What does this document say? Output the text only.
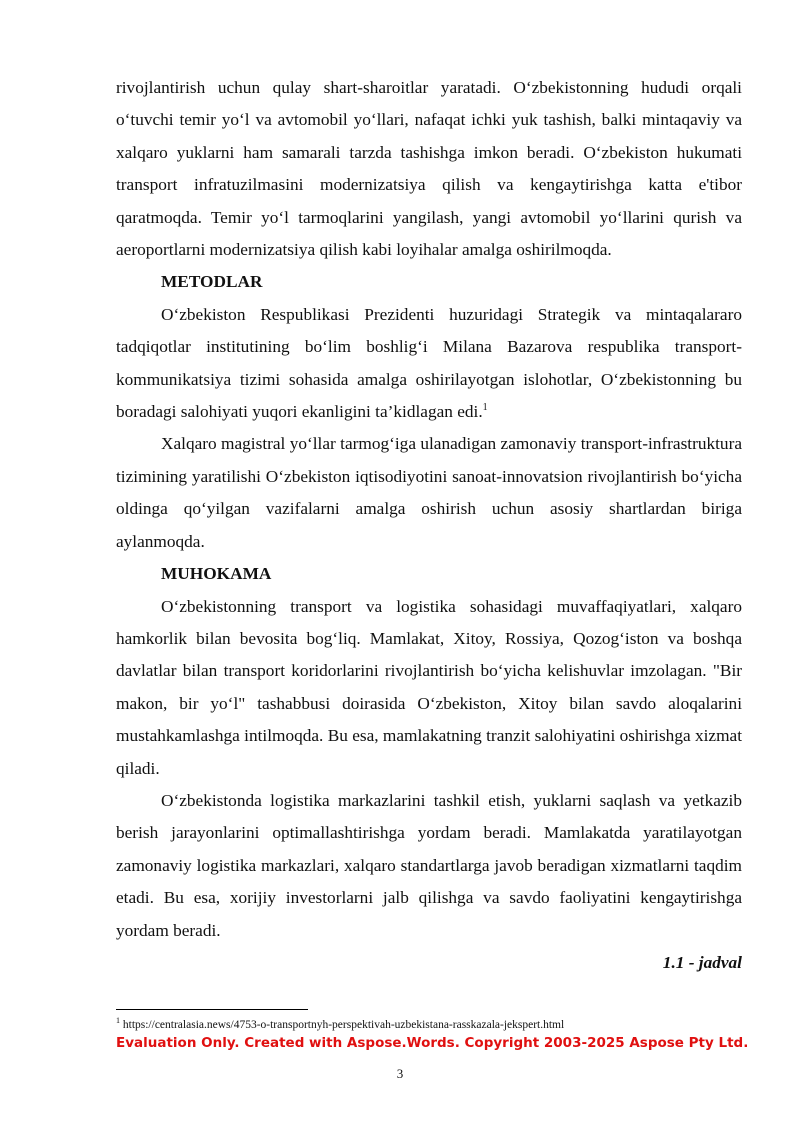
rivojlantirish uchun qulay shart-sharoitlar yaratadi. O‘zbekistonning hududi orqali o‘tuvchi temir yo‘l va avtomobil yo‘llari, nafaqat ichki yuk tashish, balki mintaqaviy va xalqaro yuklarni ham samarali tarzda tashishga imkon beradi. O‘zbekiston hukumati transport infratuzilmasini modernizatsiya qilish va kengaytirishga katta e'tibor qaratmoqda. Temir yo‘l tarmoqlarini yangilash, yangi avtomobil yo‘llarini qurish va aeroportlarni modernizatsiya qilish kabi loyihalar amalga oshirilmoqda.

METODLAR

O‘zbekiston Respublikasi Prezidenti huzuridagi Strategik va mintaqalararo tadqiqotlar institutining bo‘lim boshlig‘i Milana Bazarova respublika transport-kommunikatsiya tizimi sohasida amalga oshirilayotgan islohotlar, O‘zbekistonning bu boradagi salohiyati yuqori ekanligini ta’kidlagan edi.$^1$

Xalqaro magistral yo‘llar tarmog‘iga ulanadigan zamonaviy transport-infrastruktura tizimining yaratilishi O‘zbekiston iqtisodiyotini sanoat-innovatsion rivojlantirish bo‘yicha oldinga qo‘yilgan vazifalarni amalga oshirish uchun asosiy shartlardan biriga aylanmoqda.

MUHOKAMA

O‘zbekistonning transport va logistika sohasidagi muvaffaqiyatlari, xalqaro hamkorlik bilan bevosita bog‘liq. Mamlakat, Xitoy, Rossiya, Qozog‘iston va boshqa davlatlar bilan transport koridorlarini rivojlantirish bo‘yicha kelishuvlar imzolagan. "Bir makon, bir yo‘l" tashabbusi doirasida O‘zbekiston, Xitoy bilan savdo aloqalarini mustahkamlashga intilmoqda. Bu esa, mamlakatning tranzit salohiyatini oshirishga xizmat qiladi.

O‘zbekistonda logistika markazlarini tashkil etish, yuklarni saqlash va yetkazib berish jarayonlarini optimallashtirishga yordam beradi. Mamlakatda yaratilayotgan zamonaviy logistika markazlari, xalqaro standartlarga javob beradigan xizmatlarni taqdim etadi. Bu esa, xorijiy investorlarni jalb qilishga va savdo faoliyatini kengaytirishga yordam beradi.

1.1 - jadval
$^1$ https://centralasia.news/4753-o-transportnyh-perspektivah-uzbekistana-rasskazala-jekspert.html
Evaluation Only. Created with Aspose.Words. Copyright 2003-2025 Aspose Pty Ltd.
3
